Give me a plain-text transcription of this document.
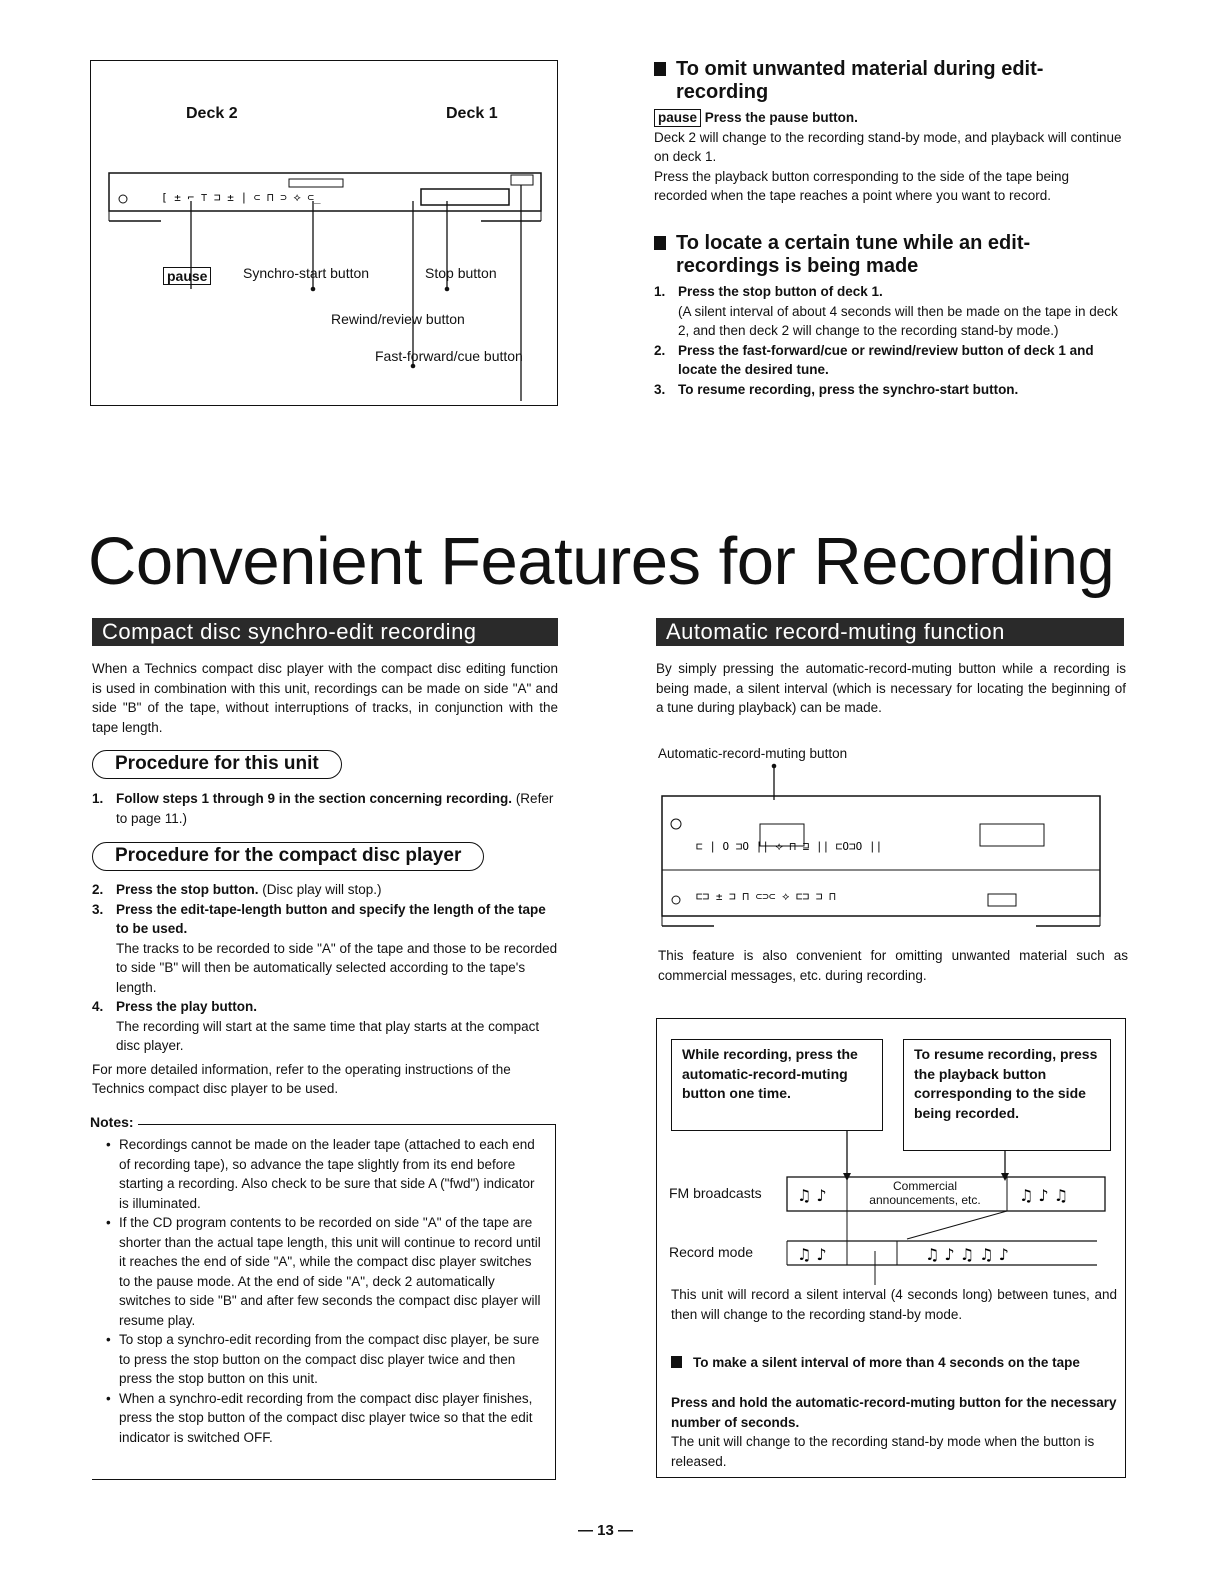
Deck 2	Deck 1
[ ± ⌐ ⊤ ⊐ ± ∣ ⊂ ⊓ ⊃ ⟡ ⊂_
pause	Synchro-start button	Stop button
Rewind/review button
Fast-forward/cue button
To omit unwanted material during edit-recording
pause Press the pause button.
Deck 2 will change to the recording stand-by mode, and playback will continue on deck 1.
Press the playback button corresponding to the side of the tape being recorded when the tape reaches a point where you want to record.
To locate a certain tune while an edit-recordings is being made
1. Press the stop button of deck 1.
(A silent interval of about 4 seconds will then be made on the tape in deck 2, and then deck 2 will change to the recording stand-by mode.)
2. Press the fast-forward/cue or rewind/review button of deck 1 and locate the desired tune.
3. To resume recording, press the synchro-start button.
Convenient Features for Recording
Compact disc synchro-edit recording
When a Technics compact disc player with the compact disc editing function is used in combination with this unit, recordings can be made on side "A" and side "B" of the tape, without interruptions of tracks, in conjunction with the tape length.
Procedure for this unit
1. Follow steps 1 through 9 in the section concerning recording. (Refer to page 11.)
Procedure for the compact disc player
2. Press the stop button. (Disc play will stop.)
3. Press the edit-tape-length button and specify the length of the tape to be used.
The tracks to be recorded to side "A" of the tape and those to be recorded to side "B" will then be automatically selected according to the tape's length.
4. Press the play button.
The recording will start at the same time that play starts at the compact disc player.
For more detailed information, refer to the operating instructions of the Technics compact disc player to be used.
Notes:
• Recordings cannot be made on the leader tape (attached to each end of recording tape), so advance the tape slightly from its end before starting a recording. Also check to be sure that side A ("fwd") indicator is illuminated.
• If the CD program contents to be recorded on side "A" of the tape are shorter than the actual tape length, this unit will continue to record until it reaches the end of side "A", while the compact disc player switches to the pause mode. At the end of side "A", deck 2 automatically switches to side "B" and after few seconds the compact disc player will resume play.
• To stop a synchro-edit recording from the compact disc player, be sure to press the stop button on the compact disc player twice and then press the stop button on this unit.
• When a synchro-edit recording from the compact disc player finishes, press the stop button of the compact disc player twice so that the edit indicator is switched OFF.
Automatic record-muting function
By simply pressing the automatic-record-muting button while a recording is being made, a silent interval (which is necessary for locating the beginning of a tune during playback) can be made.
Automatic-record-muting button
⊏ ∣ O ⊐O ∣∣ ⟡ ⊓ ⊒ ∣∣ ⊏O⊐O ∣∣
⊏⊐ ± ⊐ ⊓ ⊂⊃⊂ ⟡ ⊏⊐ ⊐ ⊓
This feature is also convenient for omitting unwanted material such as commercial messages, etc. during recording.
While recording, press the automatic-record-muting button one time.
To resume recording, press the playback button corresponding to the side being recorded.
♫ ♪	♫ ♪ ♫
♫ ♪	♫ ♪ ♫ ♫ ♪
FM broadcasts	Commercial announcements, etc.
Record mode
This unit will record a silent interval (4 seconds long) between tunes, and then will change to the recording stand-by mode.
To make a silent interval of more than 4 seconds on the tape
Press and hold the automatic-record-muting button for the necessary number of seconds.
The unit will change to the recording stand-by mode when the button is released.
— 13 —
